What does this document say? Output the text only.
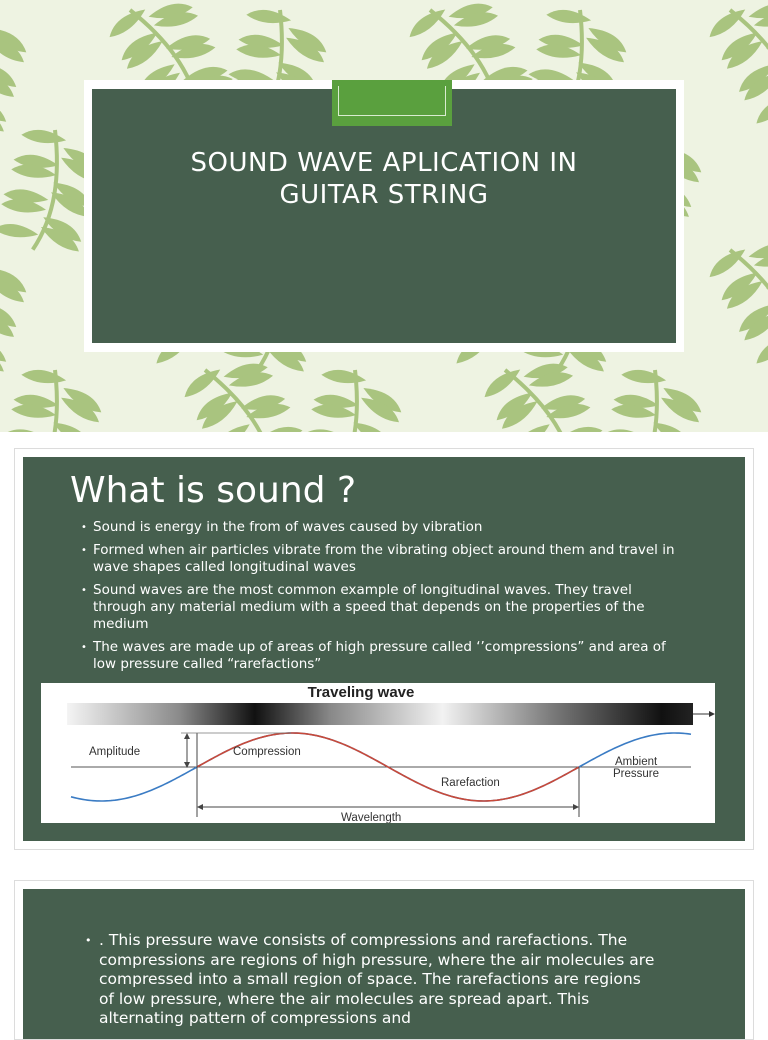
SOUND WAVE APLICATION IN
GUITAR STRING
What is sound ?
• Sound is energy in the from of waves caused by vibration
• Formed when air particles vibrate from the vibrating object around them and travel in wave shapes called longitudinal waves
• Sound waves are the most common example of longitudinal waves. They travel through any material medium with a speed that depends on the properties of the medium
• The waves are made up of areas of high pressure called ‘’compressions” and area of low pressure called “rarefactions”
Traveling wave
Amplitude	Compression
Rarefaction
Ambient
Pressure
Wavelength
• . This pressure wave consists of compressions and rarefactions. The compressions are regions of high pressure, where the air molecules are compressed into a small region of space. The rarefactions are regions of low pressure, where the air molecules are spread apart. This alternating pattern of compressions and
